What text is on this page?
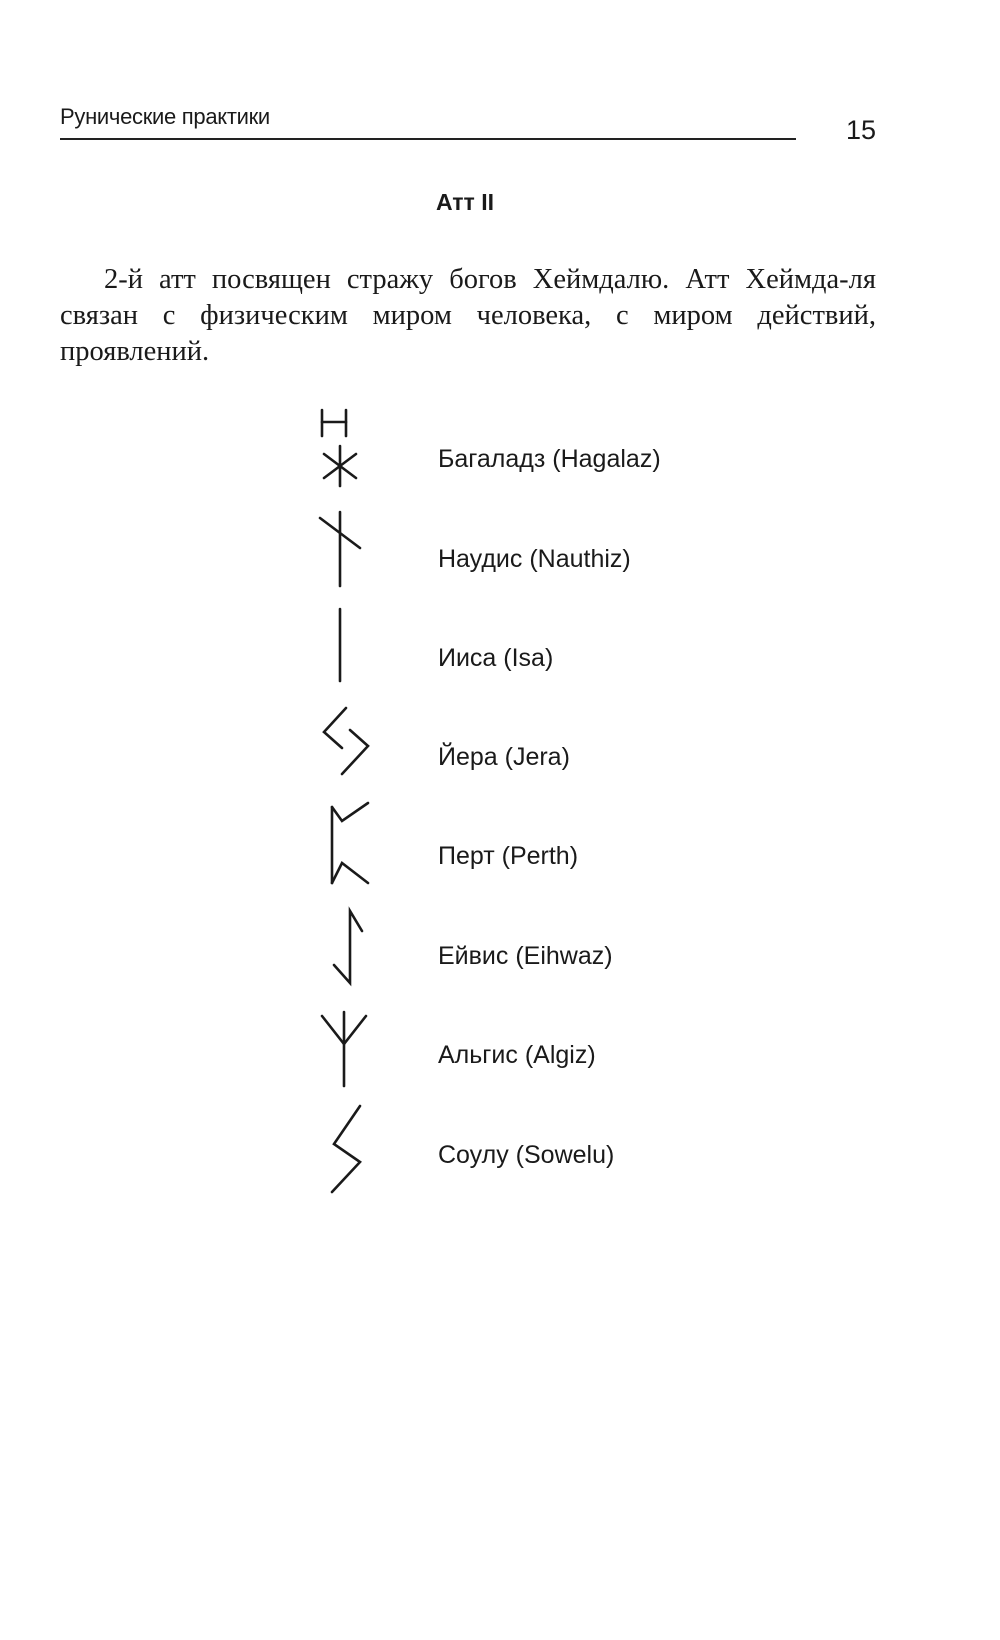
Рунические практики	15
Атт II

2-й атт посвящен стражу богов Хеймдалю. Атт Хеймда-ля связан с физическим миром человека, с миром действий, проявлений.

Багаладз (Hagalaz)
Наудис (Nauthiz)
Ииса (Isa)
Йера (Jera)
Перт (Perth)
Ейвис (Eihwaz)
Альгис (Algiz)
Соулу (Sowelu)
